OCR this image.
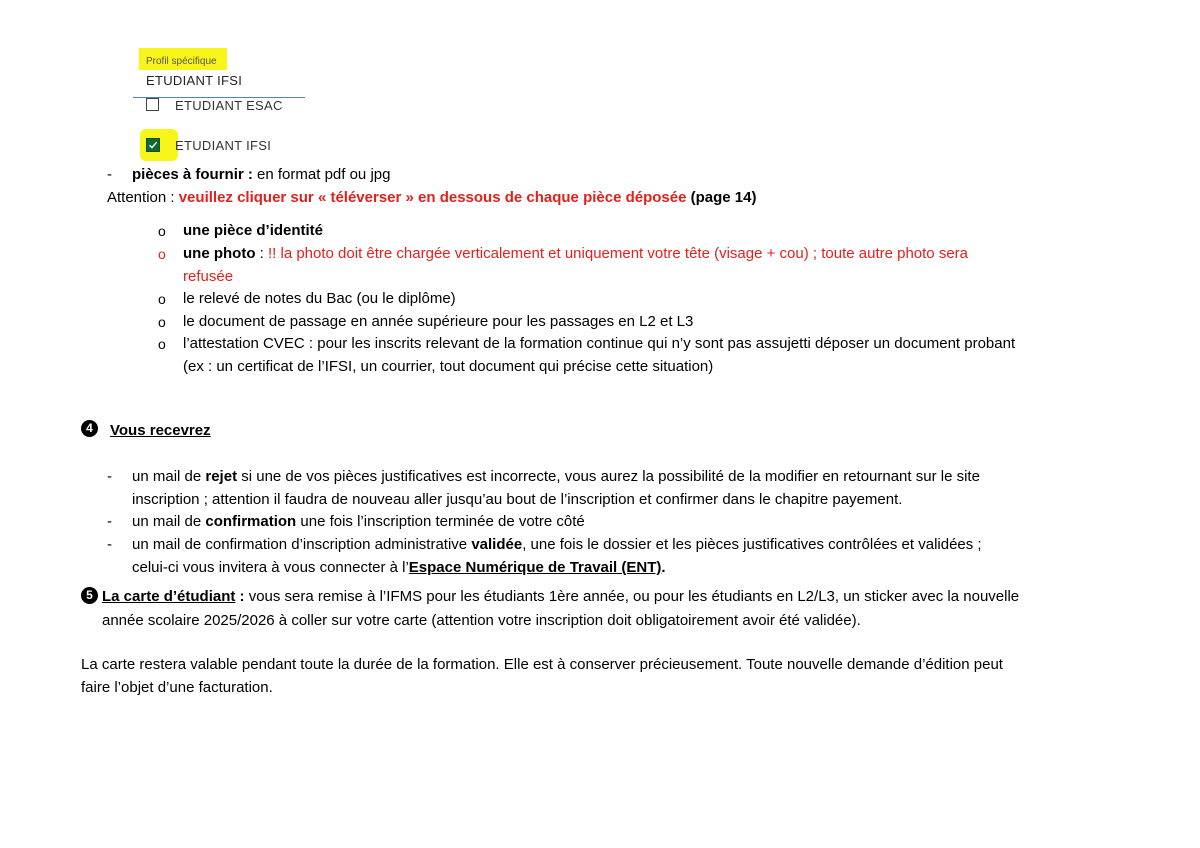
Profil spécifique
ETUDIANT IFSI
ETUDIANT ESAC
ETUDIANT IFSI
-	pièces à fournir : en format pdf ou jpg
Attention : veuillez cliquer sur « téléverser » en dessous de chaque pièce déposée (page 14)
o une pièce d’identité
o une photo : !! la photo doit être chargée verticalement et uniquement votre tête (visage + cou) ; toute autre photo sera
refusée
o le relevé de notes du Bac (ou le diplôme)
o le document de passage en année supérieure pour les passages en L2 et L3
o l’attestation CVEC : pour les inscrits relevant de la formation continue qui n’y sont pas assujetti déposer un document probant
(ex : un certificat de l’IFSI, un courrier, tout document qui précise cette situation)
4	Vous recevrez
-	un mail de rejet si une de vos pièces justificatives est incorrecte, vous aurez la possibilité de la modifier en retournant sur le site
inscription ; attention il faudra de nouveau aller jusqu’au bout de l’inscription et confirmer dans le chapitre payement.
-	un mail de confirmation une fois l’inscription terminée de votre côté
-	un mail de confirmation d’inscription administrative validée, une fois le dossier et les pièces justificatives contrôlées et validées ;
celui-ci vous invitera à vous connecter à l’Espace Numérique de Travail (ENT).
5 La carte d’étudiant : vous sera remise à l’IFMS pour les étudiants 1ère année, ou pour les étudiants en L2/L3, un sticker avec la nouvelle
année scolaire 2025/2026 à coller sur votre carte (attention votre inscription doit obligatoirement avoir été validée).
La carte restera valable pendant toute la durée de la formation. Elle est à conserver précieusement. Toute nouvelle demande d’édition peut
faire l’objet d’une facturation.
